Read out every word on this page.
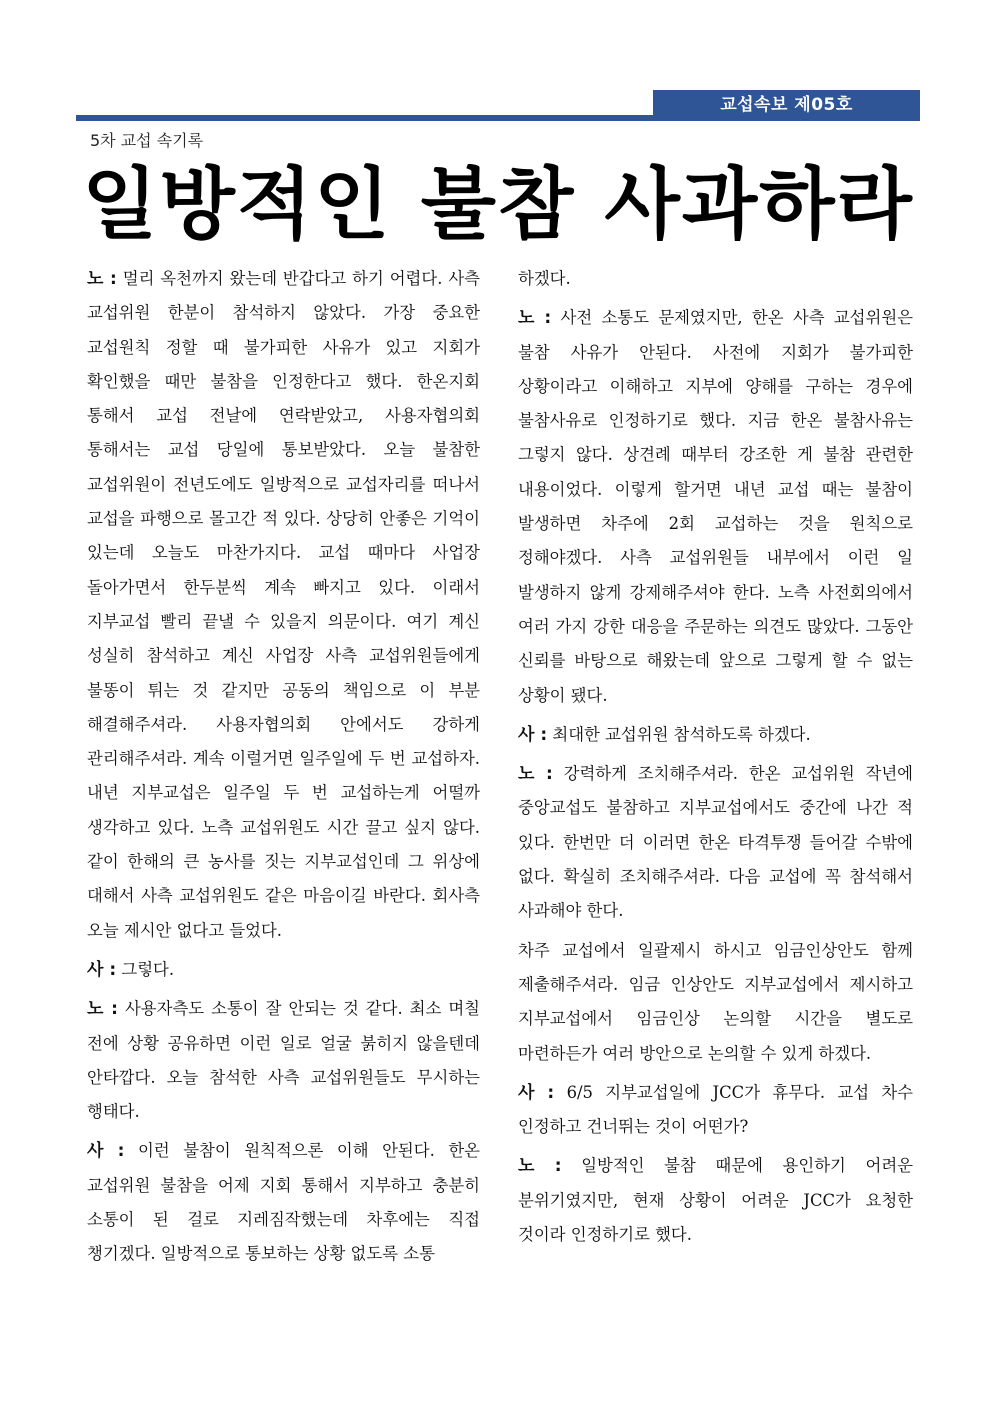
교섭속보 제05호
5차 교섭 속기록
일방적인 불참 사과하라

노 : 멀리 옥천까지 왔는데 반갑다고 하기 어렵다. 사측 교섭위원 한분이 참석하지 않았다. 가장 중요한 교섭원칙 정할 때 불가피한 사유가 있고 지회가 확인했을 때만 불참을 인정한다고 했다. 한온지회 통해서 교섭 전날에 연락받았고, 사용자협의회 통해서는 교섭 당일에 통보받았다. 오늘 불참한 교섭위원이 전년도에도 일방적으로 교섭자리를 떠나서 교섭을 파행으로 몰고간 적 있다. 상당히 안좋은 기억이 있는데 오늘도 마찬가지다. 교섭 때마다 사업장 돌아가면서 한두분씩 계속 빠지고 있다. 이래서 지부교섭 빨리 끝낼 수 있을지 의문이다. 여기 계신 성실히 참석하고 계신 사업장 사측 교섭위원들에게 불똥이 튀는 것 같지만 공동의 책임으로 이 부분 해결해주셔라. 사용자협의회 안에서도 강하게 관리해주셔라. 계속 이럴거면 일주일에 두 번 교섭하자. 내년 지부교섭은 일주일 두 번 교섭하는게 어떨까 생각하고 있다. 노측 교섭위원도 시간 끌고 싶지 않다. 같이 한해의 큰 농사를 짓는 지부교섭인데 그 위상에 대해서 사측 교섭위원도 같은 마음이길 바란다. 회사측 오늘 제시안 없다고 들었다.

사 : 그렇다.

노 : 사용자측도 소통이 잘 안되는 것 같다. 최소 며칠 전에 상황 공유하면 이런 일로 얼굴 붉히지 않을텐데 안타깝다. 오늘 참석한 사측 교섭위원들도 무시하는 행태다.

사 : 이런 불참이 원칙적으론 이해 안된다. 한온 교섭위원 불참을 어제 지회 통해서 지부하고 충분히 소통이 된 걸로 지레짐작했는데 차후에는 직접 챙기겠다. 일방적으로 통보하는 상황 없도록 소통

하겠다.

노 : 사전 소통도 문제였지만, 한온 사측 교섭위원은 불참 사유가 안된다. 사전에 지회가 불가피한 상황이라고 이해하고 지부에 양해를 구하는 경우에 불참사유로 인정하기로 했다. 지금 한온 불참사유는 그렇지 않다. 상견례 때부터 강조한 게 불참 관련한 내용이었다. 이렇게 할거면 내년 교섭 때는 불참이 발생하면 차주에 2회 교섭하는 것을 원칙으로 정해야겠다. 사측 교섭위원들 내부에서 이런 일 발생하지 않게 강제해주셔야 한다. 노측 사전회의에서 여러 가지 강한 대응을 주문하는 의견도 많았다. 그동안 신뢰를 바탕으로 해왔는데 앞으로 그렇게 할 수 없는 상황이 됐다.

사 : 최대한 교섭위원 참석하도록 하겠다.

노 : 강력하게 조치해주셔라. 한온 교섭위원 작년에 중앙교섭도 불참하고 지부교섭에서도 중간에 나간 적 있다. 한번만 더 이러면 한온 타격투쟁 들어갈 수밖에 없다. 확실히 조치해주셔라. 다음 교섭에 꼭 참석해서 사과해야 한다.

차주 교섭에서 일괄제시 하시고 임금인상안도 함께 제출해주셔라. 임금 인상안도 지부교섭에서 제시하고 지부교섭에서 임금인상 논의할 시간을 별도로 마련하든가 여러 방안으로 논의할 수 있게 하겠다.

사 : 6/5 지부교섭일에 JCC가 휴무다. 교섭 차수 인정하고 건너뛰는 것이 어떤가?

노 : 일방적인 불참 때문에 용인하기 어려운 분위기였지만, 현재 상황이 어려운 JCC가 요청한 것이라 인정하기로 했다.
